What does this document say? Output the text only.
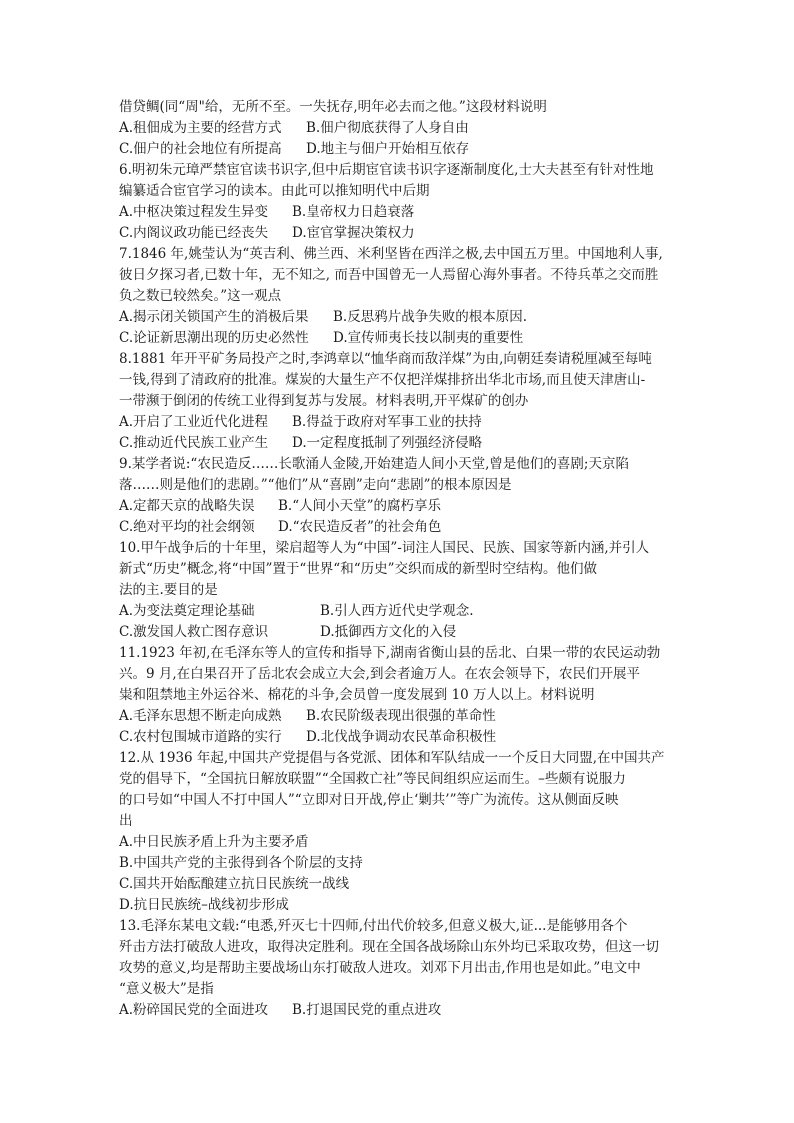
借贷鲷(同“周"给，无所不至。一失抚存,明年必去而之他。”这段材料说明
A.租佃成为主要的经营方式
C.佃户的社会地位有所提高
6.明初朱元璋严禁宦官读书识字,但中后期宦官读书识字逐渐制度化,士大夫甚至有针对性地
编纂适合宦官学习的读本。由此可以推知明代中后期
A.中枢决策过程发生异变
C.内阁议政功能已经丧失
7.1846 年,姚莹认为“英吉利、佛兰西、米利坚皆在西洋之极,去中国五万里。中国地利人事,
彼日夕探习者,已数十年，无不知之, 而吾中国曾无一人焉留心海外事者。不待兵革之交而胜
负之数已较然矣。”这一观点
A.揭示闭关锁国产生的消极后果
C.论证新思潮出现的历史必然性
8.1881 年开平矿务局投产之时,李鸿章以“恤华商而敌洋煤”为由,向朝廷奏请税厘减至每吨
一钱,得到了清政府的批准。煤炭的大量生产不仅把洋煤排挤出华北市场,而且使天津唐山-
一带濒于倒闭的传统工业得到复苏与发展。材料表明,开平煤矿的创办
A.开启了工业近代化进程
C.推动近代民族工业产生
9.某学者说:“农民造反……长歌涌人金陵,开始建造人间小天堂,曾是他们的喜剧;天京陷
落……则是他们的悲剧。”“他们”从“喜剧”走向“悲剧”的根本原因是
A.定都天京的战略失误
C.绝对平均的社会纲领
10.甲午战争后的十年里，梁启超等人为“中国”-词注人国民、民族、国家等新内涵,并引人
新式“历史”概念,将“中国”置于“世界“和“历史”交织而成的新型时空结构。他们做
法的主.要目的是
A.为变法奠定理论基础
C.激发国人救亡图存意识
11.1923 年初,在毛泽东等人的宣传和指导下,湖南省衡山县的岳北、白果一带的农民运动勃
兴。9 月,在白果召开了岳北农会成立大会,到会者逾万人。在农会领导下，农民们开展平
粜和阻禁地主外运谷米、棉花的斗争,会员曾一度发展到 10 万人以上。材料说明
A.毛泽东思想不断走向成熟
C.农村包围城市道路的实行
12.从 1936 年起,中国共产党提倡与各党派、团体和军队结成一一个反日大同盟,在中国共产
党的倡导下，“全国抗日解放联盟”“全国救亡社”等民间组织应运而生。–些颇有说服力
的口号如“中国人不打中国人”“立即对日开战,停止‘剿共’”等广为流传。这从侧面反映
出
A.中日民族矛盾上升为主要矛盾
B.中国共产党的主张得到各个阶层的支持
C.国共开始酝酿建立抗日民族统一战线
D.抗日民族统–战线初步形成
13.毛泽东某电文载:“电悉,歼灭七十四师,付出代价较多,但意义极大,证...是能够用各个
歼击方法打破敌人进攻，取得决定胜利。现在全国各战场除山东外均已采取攻势，但这一切
攻势的意义,均是帮助主要战场山东打破敌人进攻。刘邓下月出击,作用也是如此。”电文中
“意义极大”是指
A.粉碎国民党的全面进攻
B.佃户彻底获得了人身自由
D.地主与佃户开始相互依存
B.皇帝权力日趋衰落
D.宦官掌握决策权力
B.反思鸦片战争失败的根本原因.
D.宣传师夷长技以制夷的重要性
B.得益于政府对军事工业的扶持
D.一定程度抵制了列强经济侵略
B.“人间小天堂”的腐朽享乐
D.“农民造反者”的社会角色
B.引人西方近代史学观念.
D.抵御西方文化的入侵
B.农民阶级表现出很强的革命性
D.北伐战争调动农民革命积极性
B.打退国民党的重点进攻
